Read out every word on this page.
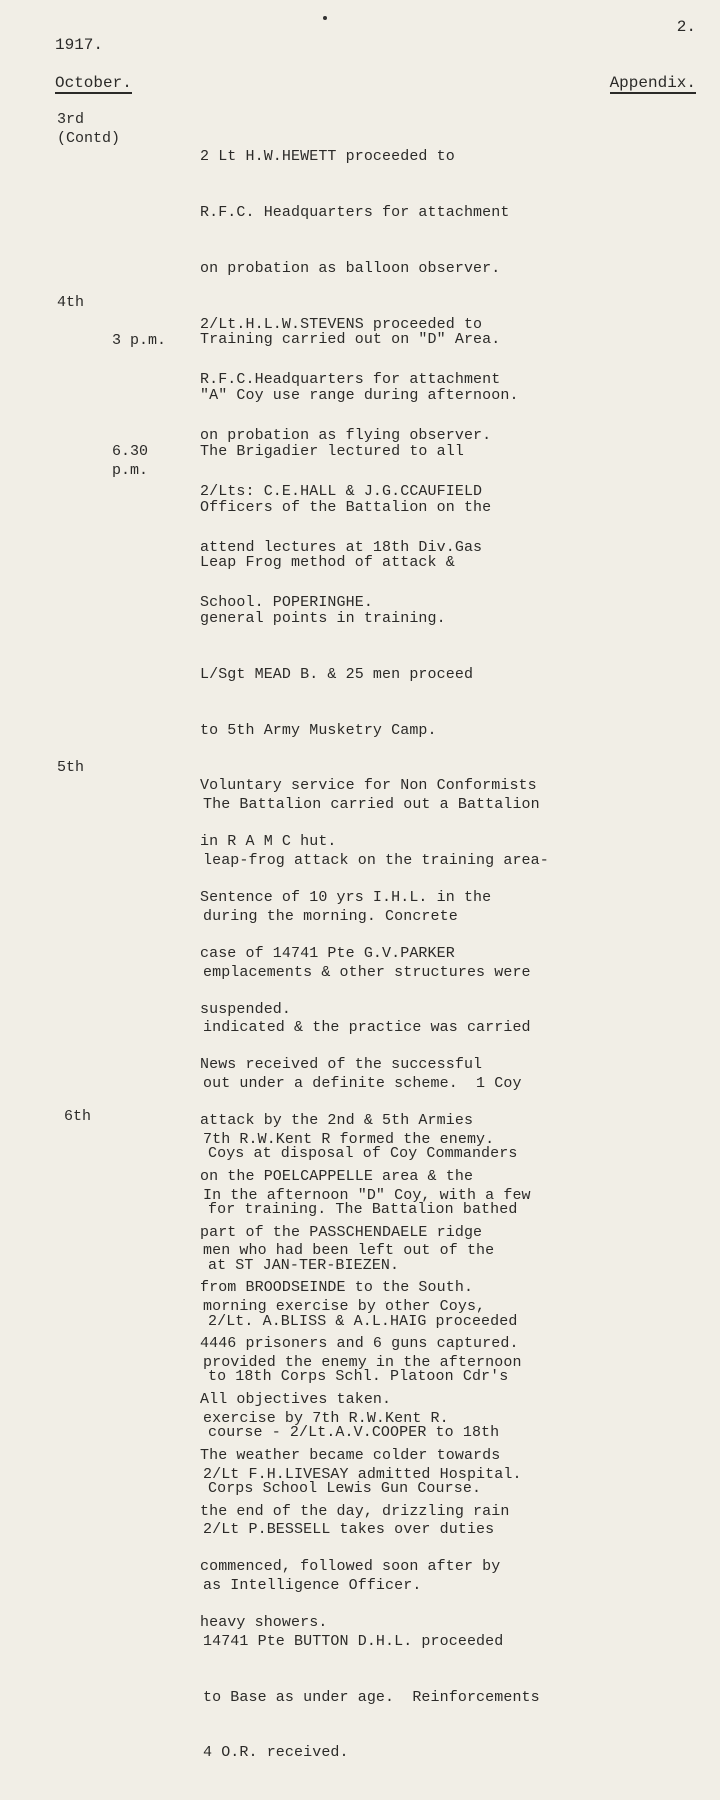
2.
1917.
October.	Appendix.
3rd
(Contd)

2 Lt H.W.HEWETT proceeded to

R.F.C. Headquarters for attachment

on probation as balloon observer.

2/Lt.H.L.W.STEVENS proceeded to

R.F.C.Headquarters for attachment

on probation as flying observer.

2/Lts: C.E.HALL & J.G.CCAUFIELD

attend lectures at 18th Div.Gas

School. POPERINGHE.

4th
3 p.m.
6.30
p.m.

Training carried out on "D" Area.

"A" Coy use range during afternoon.

The Brigadier lectured to all

Officers of the Battalion on the

Leap Frog method of attack &

general points in training.

L/Sgt MEAD B. & 25 men proceed

to 5th Army Musketry Camp.

Voluntary service for Non Conformists

in R A M C hut.

Sentence of 10 yrs I.H.L. in the

case of 14741 Pte G.V.PARKER

suspended.

News received of the successful

attack by the 2nd & 5th Armies

on the POELCAPPELLE area & the

part of the PASSCHENDAELE ridge

from BROODSEINDE to the South.

4446 prisoners and 6 guns captured.

All objectives taken.

The weather became colder towards

the end of the day, drizzling rain

commenced, followed soon after by

heavy showers.

5th

The Battalion carried out a Battalion

leap-frog attack on the training area-

during the morning. Concrete

emplacements & other structures were

indicated & the practice was carried

out under a definite scheme.  1 Coy

7th R.W.Kent R formed the enemy.

In the afternoon "D" Coy, with a few

men who had been left out of the

morning exercise by other Coys,

provided the enemy in the afternoon

exercise by 7th R.W.Kent R.

2/Lt F.H.LIVESAY admitted Hospital.

2/Lt P.BESSELL takes over duties

as Intelligence Officer.

14741 Pte BUTTON D.H.L. proceeded

to Base as under age.  Reinforcements

4 O.R. received.

6th

Coys at disposal of Coy Commanders

for training. The Battalion bathed

at ST JAN-TER-BIEZEN.

2/Lt. A.BLISS & A.L.HAIG proceeded

to 18th Corps Schl. Platoon Cdr's

course - 2/Lt.A.V.COOPER to 18th

Corps School Lewis Gun Course.
